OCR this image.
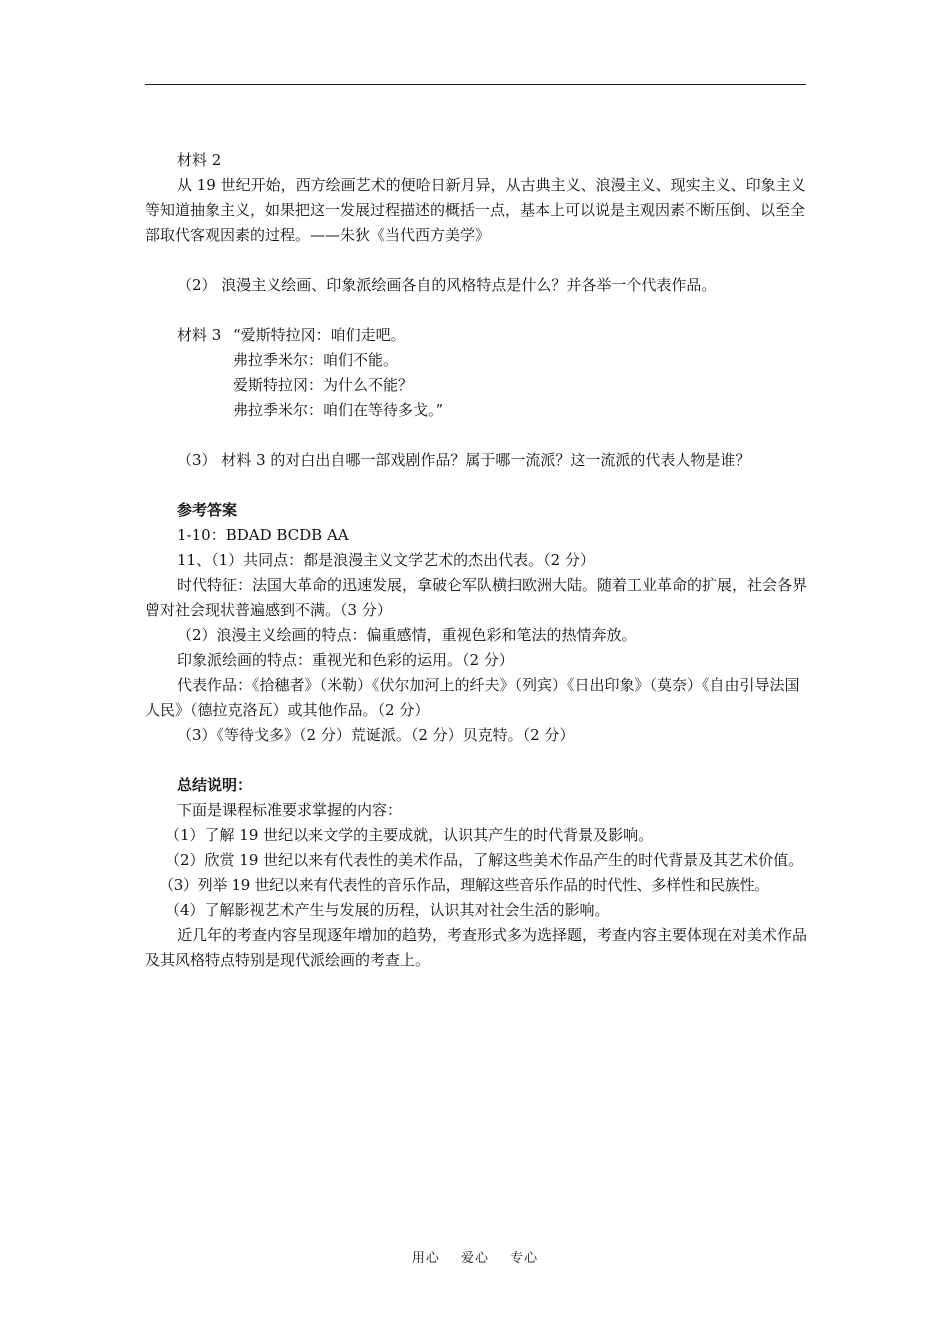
材料 2

从 19 世纪开始，西方绘画艺术的便哈日新月异，从古典主义、浪漫主义、现实主义、印象主义等知道抽象主义，如果把这一发展过程描述的概括一点，基本上可以说是主观因素不断压倒、以至全部取代客观因素的过程。——朱狄《当代西方美学》

（2） 浪漫主义绘画、印象派绘画各自的风格特点是什么？并各举一个代表作品。

材料 3 “爱斯特拉冈：咱们走吧。

弗拉季米尔：咱们不能。

爱斯特拉冈：为什么不能？

弗拉季米尔：咱们在等待多戈。”

（3） 材料 3 的对白出自哪一部戏剧作品？属于哪一流派？这一流派的代表人物是谁？

参考答案

1-10：BDAD BCDB AA

11、（1）共同点：都是浪漫主义文学艺术的杰出代表。（2 分）

时代特征：法国大革命的迅速发展，拿破仑军队横扫欧洲大陆。随着工业革命的扩展，社会各界曾对社会现状普遍感到不满。（3 分）

（2）浪漫主义绘画的特点：偏重感情，重视色彩和笔法的热情奔放。

印象派绘画的特点：重视光和色彩的运用。（2 分）

代表作品：《拾穗者》（米勒）《伏尔加河上的纤夫》（列宾）《日出印象》（莫奈）《自由引导法国人民》（德拉克洛瓦）或其他作品。（2 分）

（3）《等待戈多》（2 分）荒诞派。（2 分）贝克特。（2 分）

总结说明：

下面是课程标准要求掌握的内容：

（1）了解 19 世纪以来文学的主要成就，认识其产生的时代背景及影响。

（2）欣赏 19 世纪以来有代表性的美术作品，了解这些美术作品产生的时代背景及其艺术价值。

（3）列举 19 世纪以来有代表性的音乐作品，理解这些音乐作品的时代性、多样性和民族性。

（4）了解影视艺术产生与发展的历程，认识其对社会生活的影响。

近几年的考查内容呈现逐年增加的趋势，考查形式多为选择题，考查内容主要体现在对美术作品及其风格特点特别是现代派绘画的考查上。

用心 爱心 专心
